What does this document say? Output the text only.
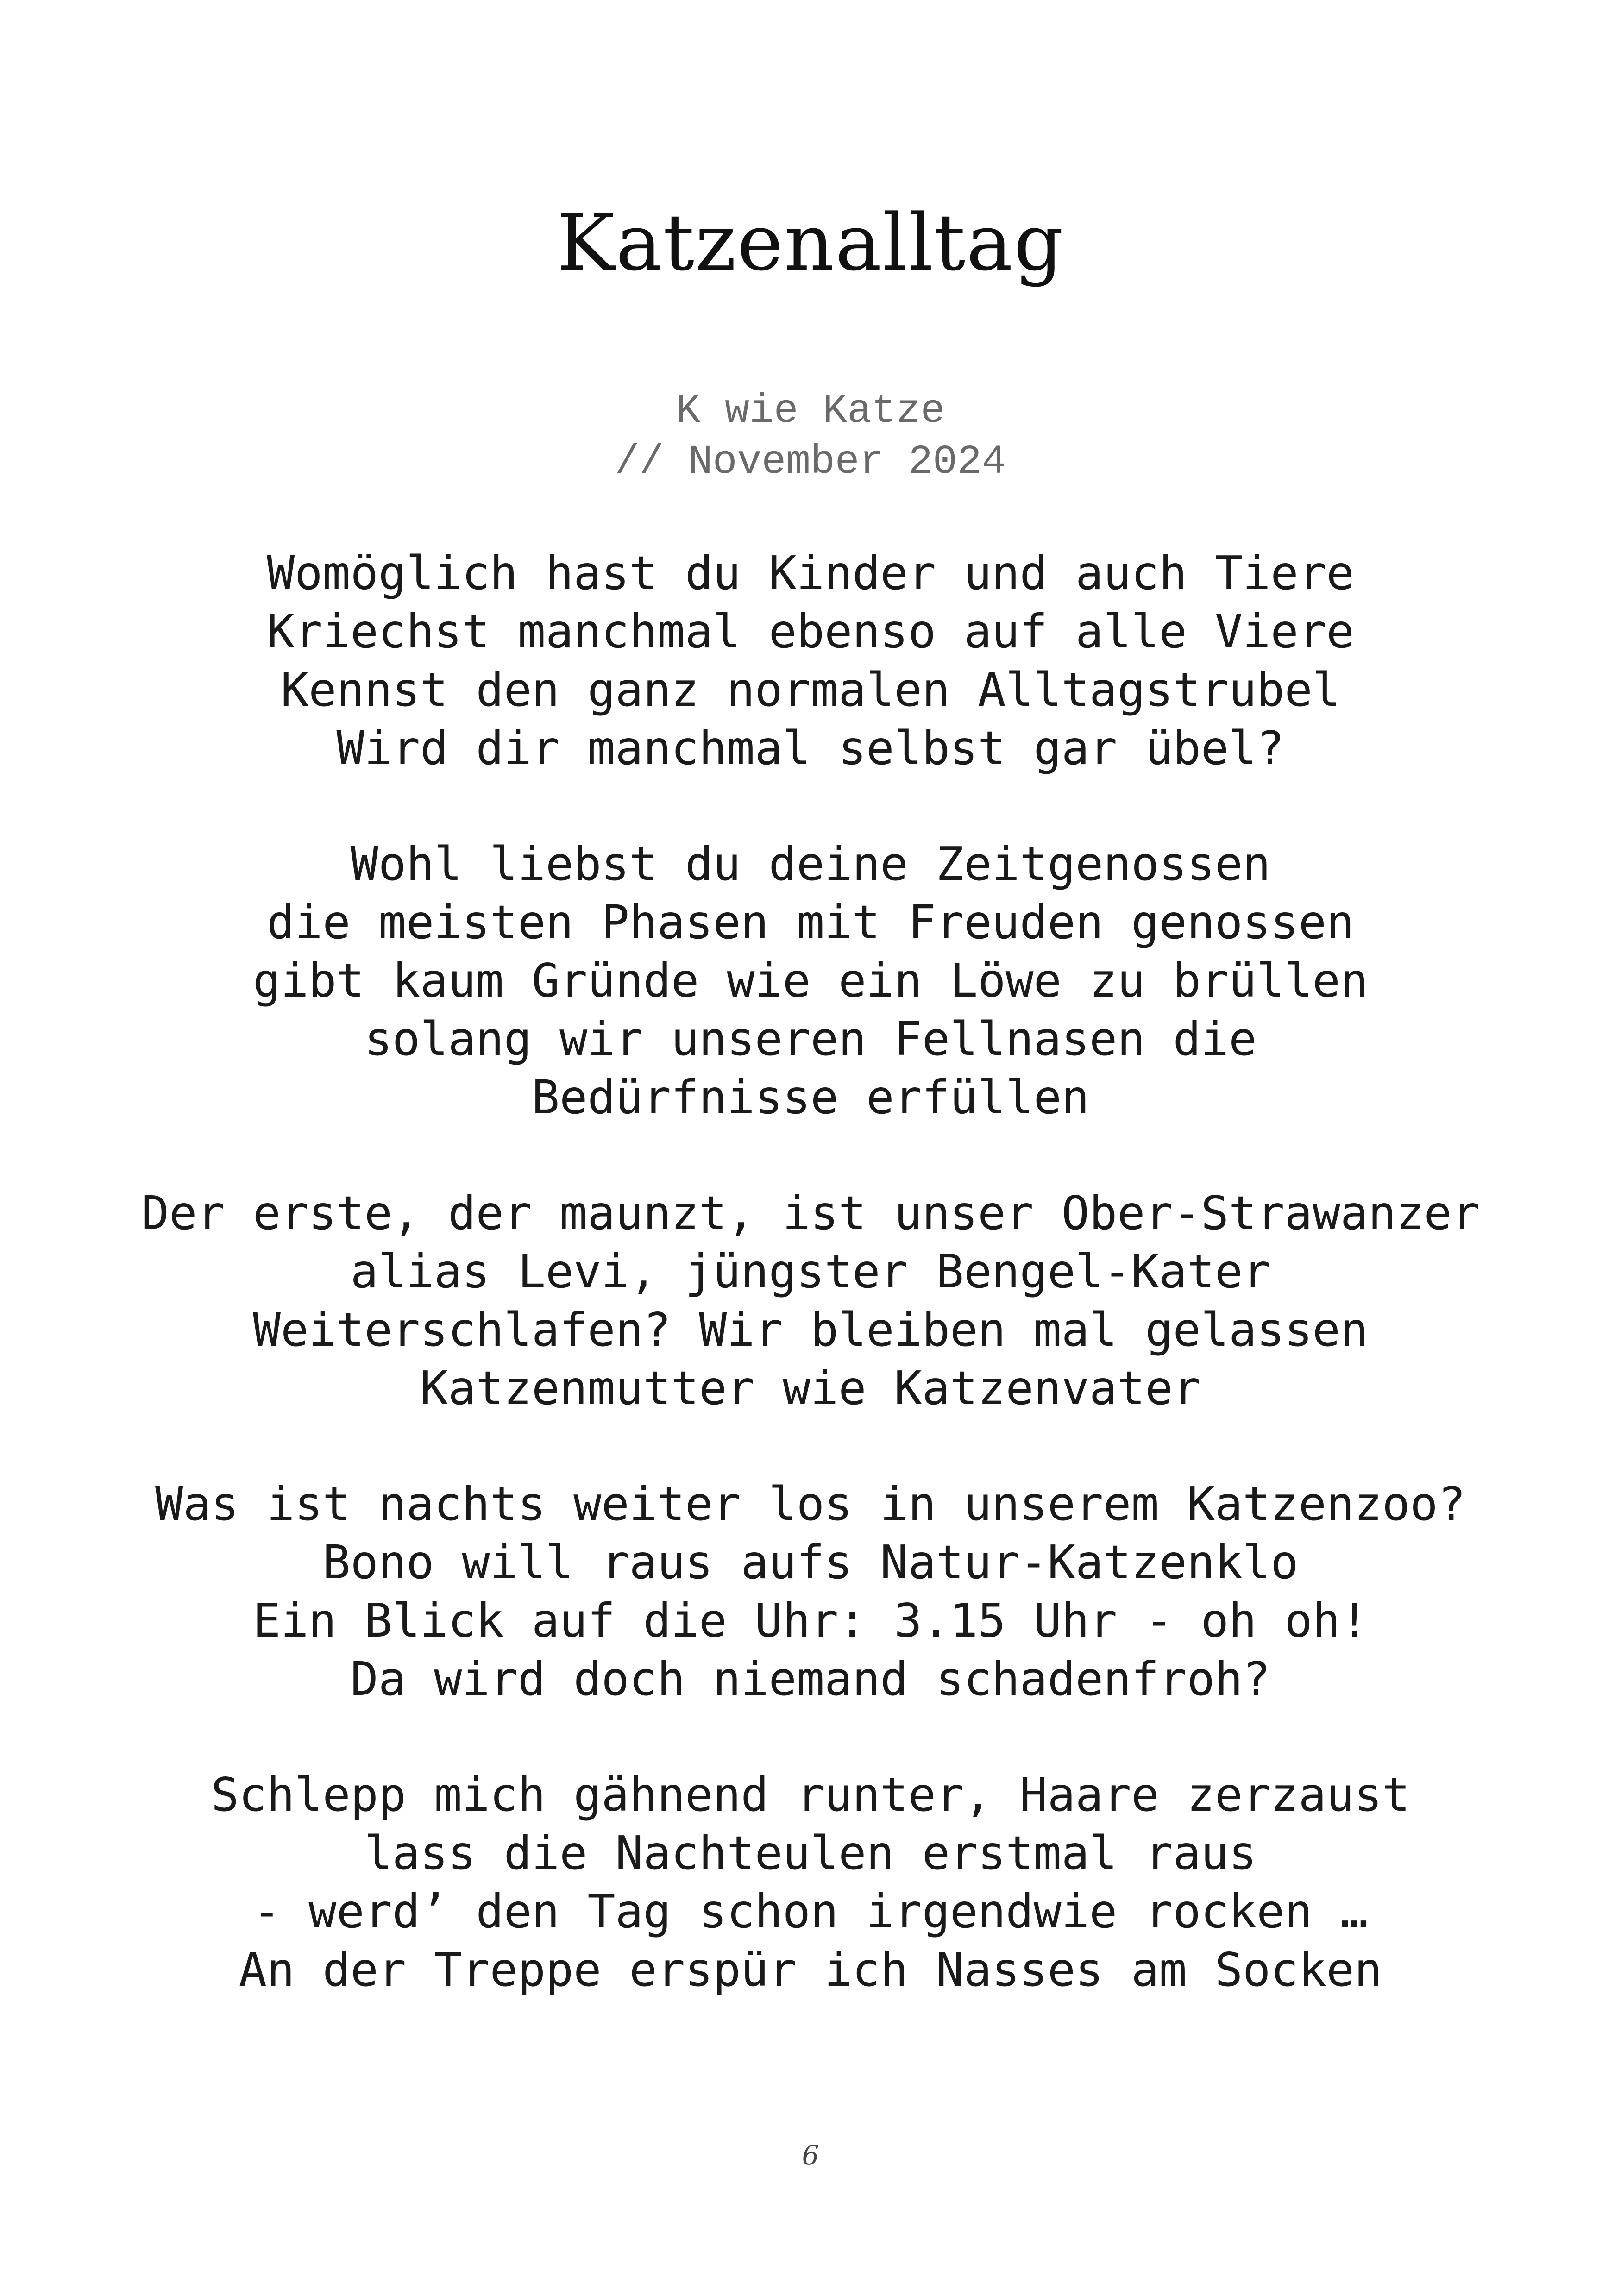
Katzenalltag
K wie Katze
// November 2024
Womöglich hast du Kinder und auch Tiere
Kriechst manchmal ebenso auf alle Viere
Kennst den ganz normalen Alltagstrubel
Wird dir manchmal selbst gar übel?
Wohl liebst du deine Zeitgenossen
die meisten Phasen mit Freuden genossen
gibt kaum Gründe wie ein Löwe zu brüllen
solang wir unseren Fellnasen die
Bedürfnisse erfüllen
Der erste, der maunzt, ist unser Ober-Strawanzer
alias Levi, jüngster Bengel-Kater
Weiterschlafen? Wir bleiben mal gelassen
Katzenmutter wie Katzenvater
Was ist nachts weiter los in unserem Katzenzoo?
Bono will raus aufs Natur-Katzenklo
Ein Blick auf die Uhr: 3.15 Uhr - oh oh!
Da wird doch niemand schadenfroh?
Schlepp mich gähnend runter, Haare zerzaust
lass die Nachteulen erstmal raus
- werd’ den Tag schon irgendwie rocken …
An der Treppe erspür ich Nasses am Socken
6
